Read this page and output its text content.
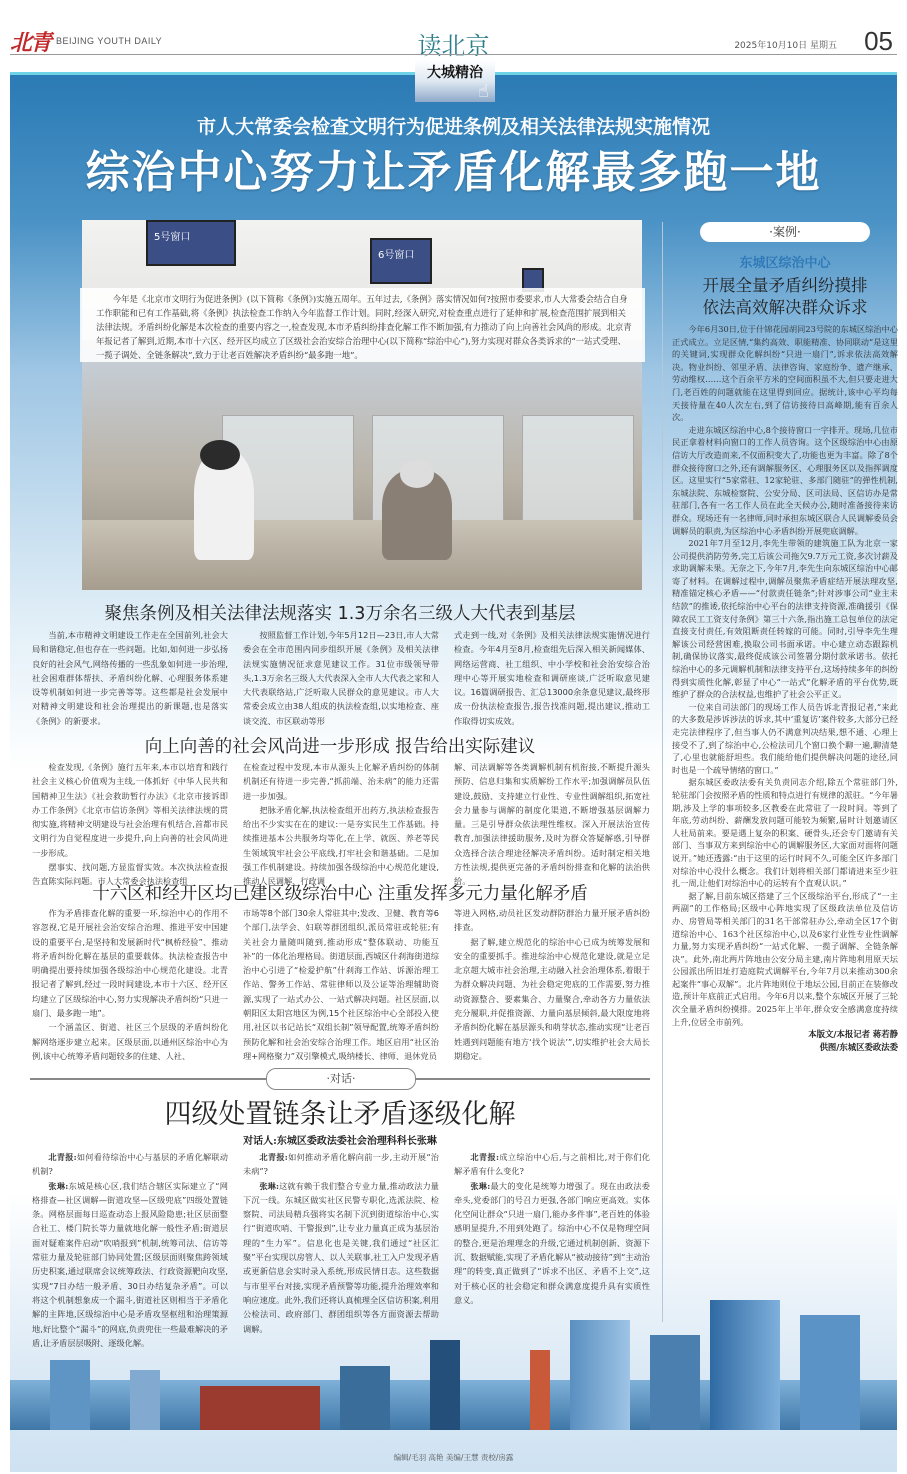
北青 BEIJING YOUTH DAILY	读北京	2025年10月10日 星期五 05
大城精治
☝
市人大常委会检查文明行为促进条例及相关法律法规实施情况
综治中心努力让矛盾化解最多跑一地
5号窗口
6号窗口
今年是《北京市文明行为促进条例》(以下简称《条例》)实施五周年。五年过去,《条例》落实情况如何?按照市委要求,市人大常委会结合自身工作职能和已有工作基础,将《条例》执法检查工作纳入今年监督工作计划。同时,经深入研究,对检查重点进行了延伸和扩展,检查范围扩展到相关法律法规。矛盾纠纷化解是本次检查的重要内容之一,检查发现,本市矛盾纠纷排查化解工作不断加强,有力推动了向上向善社会风尚的形成。北京青年报记者了解到,近期,本市十六区、经开区均成立了区级社会治安综合治理中心(以下简称“综治中心”),努力实现对群众各类诉求的“一站式受理、一揽子调处、全链条解决”,致力于让老百姓解决矛盾纠纷“最多跑一地”。
·案例·
东城区综治中心
开展全量矛盾纠纷摸排
依法高效解决群众诉求

今年6月30日,位于什锦花园胡同23号院的东城区综治中心正式成立。立足区情,“集约高效、职能精准、协同联动”是这里的关键词,实现群众化解纠纷“只进一扇门”,诉求依法高效解决。物业纠纷、邻里矛盾、法律咨询、家庭纷争、遗产继承、劳动维权……这个百余平方米的空间面积虽不大,但只要走进大门,老百姓的问题就能在这里得到回应。据统计,该中心平均每天接待量在40人次左右,到了信访接待日高峰期,能有百余人次。

走进东城区综治中心,8个接待窗口一字排开。现场,几位市民正拿着材料向窗口的工作人员咨询。这个区级综治中心由原信访大厅改造而来,不仅面积变大了,功能也更为丰富。除了8个群众接待窗口之外,还有调解服务区、心理服务区以及指挥调度区。这里实行“5家常驻、12家轮驻、多部门随驻”的弹性机制,东城法院、东城检察院、公安分局、区司法局、区信访办是常驻部门,各有一名工作人员在此全天候办公,随时准备接待来访群众。现场还有一名律师,同时承担东城区联合人民调解委员会调解员的职责,为区综治中心矛盾纠纷开展兜底调解。

2021年7月至12月,李先生带领的建筑施工队为北京一家公司提供消防劳务,完工后该公司拖欠9.7万元工资,多次讨薪及求助调解未果。无奈之下,今年7月,李先生向东城区综治中心邮寄了材料。在调解过程中,调解员聚焦矛盾症结开展法理攻坚,精准锚定核心矛盾——“付款责任链条”;针对涉事公司“业主未结款”的推诿,依托综治中心平台的法律支持资源,准确援引《保障农民工工资支付条例》第三十六条,指出施工总包单位的法定直接支付责任,有效阻断责任转嫁的可能。同时,引导李先生理解该公司经营困难,换取公司书面承诺。中心建立动态跟踪机制,确保协议落实,最终促成该公司签署分期付款承诺书。依托综治中心的多元调解机制和法律支持平台,这场持续多年的纠纷得到实质性化解,彰显了中心“一站式”化解矛盾的平台优势,既维护了群众的合法权益,也维护了社会公平正义。

一位来自司法部门的现场工作人员告诉北青报记者,“来此的大多数是涉诉涉法的诉求,其中‘重复访’案件较多,大部分已经走完法律程序了,但当事人仍不满意判决结果,想不通、心理上接受不了,到了综治中心,公检法司几个窗口换个聊一遍,聊清楚了,心里也就能舒坦些。我们能给他们提供解决问题的途径,同时也是一个疏导情绪的窗口。”

据东城区委政法委有关负责同志介绍,除五个常驻部门外,轮驻部门会按照矛盾的性质和特点进行有规律的派驻。“今年暑期,涉及上学的事项较多,区教委在此常驻了一段时间。等到了年底,劳动纠纷、薪酬发放问题可能较为频繁,届时计划邀请区人社局前来。要是遇上复杂的积案、硬骨头,还会专门邀请有关部门、当事双方来到综治中心的调解服务区,大家面对面将问题说开。”她还透露:“由于这里的运行时间不久,可能全区许多部门对综治中心没什么概念。我们计划将相关部门都请进来至少驻扎一周,让他们对综治中心的运转有个直观认识。”

据了解,目前东城区搭建了三个区级综治平台,形成了“一主两副”的工作格局;区级中心阵地实现了区级政法单位及信访办、房管局等相关部门的31名干部常驻办公,牵动全区17个街道综治中心、163个社区综治中心,以及6家行业性专业性调解力量,努力实现矛盾纠纷“一站式化解、一揽子调解、全链条解决”。此外,南北两片阵地由公安分局主建,南片阵地利用原天坛公园派出所旧址打造庭院式调解平台,今年7月以来推动300余起案件“事心双解”。北片阵地则位于地坛公园,目前正在装修改造,预计年底前正式启用。今年6月以来,整个东城区开展了三轮次全量矛盾纠纷摸排。2025年上半年,群众安全感满意度持续上升,位居全市前列。

本版文/本报记者 蒋若静
供图/东城区委政法委
聚焦条例及相关法律法规落实 1.3万余名三级人大代表到基层

当前,本市精神文明建设工作走在全国前列,社会大局和谐稳定,但也存在一些问题。比如,如何进一步弘扬良好的社会风气,网络传播的一些乱象如何进一步治理,社会困难群体帮扶、矛盾纠纷化解、心理服务体系建设等机制如何进一步完善等等。这些都是社会发展中对精神文明建设和社会治理提出的新课题,也是落实《条例》的新要求。

按照监督工作计划,今年5月12日—23日,市人大常委会在全市范围内同步组织开展《条例》及相关法律法规实施情况征求意见建议工作。31位市级领导带头,1.3万余名三级人大代表深入全市人大代表之家和人大代表联络站,广泛听取人民群众的意见建议。市人大常委会成立由38人组成的执法检查组,以实地检查、座谈交流、市区联动等形

式走到一线,对《条例》及相关法律法规实施情况进行检查。今年4月至8月,检查组先后深入相关新闻媒体、网络运营商、社工组织、中小学校和社会治安综合治理中心等开展实地检查和调研座谈,广泛听取意见建议。16篇调研报告、汇总13000余条意见建议,最终形成一份执法检查报告,报告找准问题,提出建议,推动工作取得切实成效。

向上向善的社会风尚进一步形成 报告给出实际建议

检查发现,《条例》施行五年来,本市以培育和践行社会主义核心价值观为主线,一体抓好《中华人民共和国精神卫生法》《社会救助暂行办法》《北京市接诉即办工作条例》《北京市信访条例》等相关法律法规的贯彻实施,将精神文明建设与社会治理有机结合,首都市民文明行为自觉程度进一步提升,向上向善的社会风尚进一步形成。

摆事实、找问题,方显监督实效。本次执法检查报告直陈实际问题。市人大常委会执法检查组

在检查过程中发现,本市从源头上化解矛盾纠纷的体制机制还有待进一步完善,“抓前端、治未病”的能力还需进一步加强。

把脉矛盾化解,执法检查组开出药方,执法检查报告给出不少实实在在的建议:一是夯实民生工作基础。持续推进基本公共服务均等化,在上学、就医、养老等民生领域筑牢社会公平底线,打牢社会和谐基础。二是加强工作机制建设。持续加强各级综治中心规范化建设,推动人民调解、行政调

解、司法调解等各类调解机制有机衔接,不断提升源头预防、信息归集和实质解纷工作水平;加强调解员队伍建设,鼓励、支持建立行业性、专业性调解组织,拓宽社会力量参与调解的制度化渠道,不断增强基层调解力量。三是引导群众依法理性维权。深入开展法治宣传教育,加强法律援助服务,及时为群众答疑解惑,引导群众选择合法合理途径解决矛盾纠纷。适时制定相关地方性法规,提供更完备的矛盾纠纷排查和化解的法治供给。

十六区和经开区均已建区级综治中心 注重发挥多元力量化解矛盾

作为矛盾排查化解的重要一环,综治中心的作用不容忽视,它是开展社会治安综合治理、推进平安中国建设的重要平台,是坚持和发展新时代“枫桥经验”、推动将矛盾纠纷化解在基层的重要载体。执法检查报告中明确提出要持续加强各级综治中心规范化建设。北青报记者了解到,经过一段时间建设,本市十六区、经开区均建立了区级综治中心,努力实现解决矛盾纠纷“只进一扇门、最多跑一地”。

一个涵盖区、街道、社区三个层级的矛盾纠纷化解网络逐步建立起来。区级层面,以通州区综治中心为例,该中心统筹矛盾问题较多的住建、人社、

市场等8个部门30余人常驻其中;发改、卫健、教育等6个部门,法学会、妇联等群团组织,派员常驻或轮驻;有关社会力量随叫随到,推动形成“整体联动、功能互补”的一体化治理格局。街道层面,西城区什刹海街道综治中心引进了“检爱护航”什刹海工作站、诉源治理工作站、警务工作站、常驻律师以及公证等治理辅助资源,实现了一站式办公、一站式解决问题。社区层面,以朝阳区太阳宫地区为例,15个社区综治中心全部投入使用,社区以书记站长“双组长制”领导配置,统筹矛盾纠纷预防化解和社会治安综合治理工作。地区启用“社区治理+网格聚力”双引擎模式,吸纳楼长、律师、退休党员

等进入网格,动员社区发动群防群治力量开展矛盾纠纷排查。

据了解,建立规范化的综治中心已成为统筹发展和安全的重要抓手。推进综治中心规范化建设,就是立足北京超大城市社会治理,主动融入社会治理体系,着眼于为群众解决问题、为社会稳定兜底的工作需要,努力推动资源整合、要素集合、力量聚合,牵动各方力量依法充分履职,并促推资源、力量向基层倾斜,最大限度地将矛盾纠纷化解在基层源头和萌芽状态,推动实现“让老百姓遇到问题能有地方‘找个说法’”,切实维护社会大局长期稳定。

·对话·
四级处置链条让矛盾逐级化解
对话人:东城区委政法委社会治理科科长张琳

北青报:如何看待综治中心与基层的矛盾化解联动机制?

张琳:东城是核心区,我们结合辖区实际建立了“网格排查—社区调解—街道攻坚—区级兜底”四级处置链条。网格层面每日巡查动态上报风险隐患;社区层面整合社工、楼门院长等力量就地化解一般性矛盾;街道层面对疑难案件启动“吹哨报到”机制,统筹司法、信访等常驻力量及轮驻部门协同处置;区级层面则聚焦跨领域历史积案,通过联席会议统筹政法、行政资源靶向攻坚,实现“7日办结一般矛盾、30日办结复杂矛盾”。可以将这个机制想象成一个漏斗,街道社区则相当于矛盾化解的主阵地,区级综治中心是矛盾攻坚枢纽和治理策源地,好比整个“漏斗”的网底,负责兜住一些最难解决的矛盾,让矛盾层层吸附、逐级化解。

北青报:如何推动矛盾化解向前一步,主动开展“治未病”?

张琳:这就有赖于我们整合专业力量,推动政法力量下沉一线。东城区做实社区民警专职化,选派法院、检察院、司法局精兵强将实名制下沉到街道综治中心,实行“街道吹哨、干警报到”,让专业力量真正成为基层治理的“生力军”。信息化也是关键,我们通过“社区汇聚”平台实现以房管人、以人关联事,社工入户发现矛盾或更新信息会实时录入系统,形成民情日志。这些数据与市里平台对接,实现矛盾预警等功能,提升治理效率和响应速度。此外,我们还将认真梳理全区信访积案,利用公检法司、政府部门、群团组织等各方面资源去帮助调解。

北青报:成立综治中心后,与之前相比,对于你们化解矛盾有什么变化?

张琳:最大的变化是统筹力增强了。现在由政法委牵头,党委部门的号召力更强,各部门响应更高效。实体化空间让群众“只进一扇门,能办多件事”,老百姓的体验感明显提升,不用到处跑了。综治中心不仅是物理空间的整合,更是治理理念的升级,它通过机制创新、资源下沉、数据赋能,实现了矛盾化解从“被动接待”到“主动治理”的转变,真正做到了“诉求不出区、矛盾不上交”,这对于核心区的社会稳定和群众满意度提升具有实质性意义。

编辑/毛羽 高艳 美编/王慧 责校/房露
